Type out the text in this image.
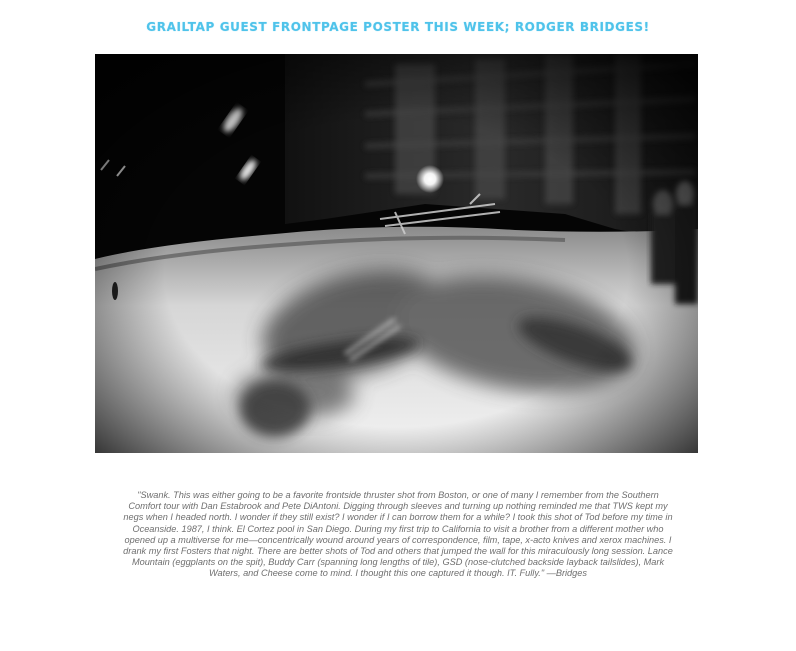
GRAILTAP GUEST FRONTPAGE POSTER THIS WEEK; RODGER BRIDGES!
"Swank. This was either going to be a favorite frontside thruster shot from Boston, or one of many I remember from the Southern Comfort tour with Dan Estabrook and Pete DiAntoni. Digging through sleeves and turning up nothing reminded me that TWS kept my negs when I headed north. I wonder if they still exist? I wonder if I can borrow them for a while? I took this shot of Tod before my time in Oceanside. 1987, I think. El Cortez pool in San Diego. During my first trip to California to visit a brother from a different mother who opened up a multiverse for me—concentrically wound around years of correspondence, film, tape, x-acto knives and xerox machines. I drank my first Fosters that night. There are better shots of Tod and others that jumped the wall for this miraculously long session. Lance Mountain (eggplants on the spit), Buddy Carr (spanning long lengths of tile), GSD (nose-clutched backside layback tailslides), Mark Waters, and Cheese come to mind. I thought this one captured it though. IT. Fully." —Bridges
